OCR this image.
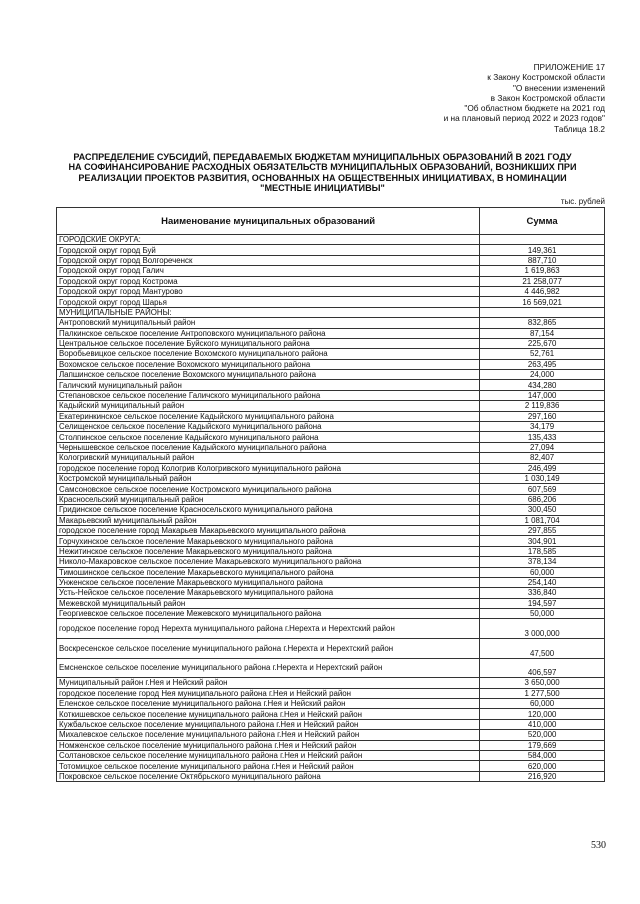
ПРИЛОЖЕНИЕ 17
к Закону Костромской области
"О внесении изменений
в Закон Костромской области
"Об областном бюджете на 2021 год
и на плановый период 2022 и 2023 годов"
Таблица 18.2
РАСПРЕДЕЛЕНИЕ СУБСИДИЙ, ПЕРЕДАВАЕМЫХ БЮДЖЕТАМ МУНИЦИПАЛЬНЫХ ОБРАЗОВАНИЙ В 2021 ГОДУ
НА СОФИНАНСИРОВАНИЕ РАСХОДНЫХ ОБЯЗАТЕЛЬСТВ МУНИЦИПАЛЬНЫХ ОБРАЗОВАНИЙ, ВОЗНИКШИХ ПРИ
РЕАЛИЗАЦИИ ПРОЕКТОВ РАЗВИТИЯ, ОСНОВАННЫХ НА ОБЩЕСТВЕННЫХ ИНИЦИАТИВАХ, В НОМИНАЦИИ
"МЕСТНЫЕ ИНИЦИАТИВЫ"
тыс. рублей
Наименование муниципальных образований	Сумма
ГОРОДСКИЕ ОКРУГА:	
Городской округ город Буй	149,361
Городской округ город Волгореченск	887,710
Городской округ город Галич	1 619,863
Городской округ город Кострома	21 258,077
Городской округ город Мантурово	4 446,982
Городской округ город Шарья	16 569,021
МУНИЦИПАЛЬНЫЕ РАЙОНЫ:	
Антроповский муниципальный район	832,865
Палкинское сельское поселение Антроповского муниципального района	87,154
Центральное сельское поселение Буйского муниципального района	225,670
Воробьевицкое сельское поселение Вохомского муниципального района	52,761
Вохомское сельское поселение Вохомского муниципального района	263,495
Лапшинское сельское поселение Вохомского муниципального района	24,000
Галичский муниципальный район	434,280
Степановское сельское поселение Галичского муниципального района	147,000
Кадыйский муниципальный район	2 119,836
Екатеринкинское сельское поселение Кадыйского муниципального района	297,160
Селищенское сельское поселение Кадыйского муниципального района	34,179
Столпинское сельское поселение Кадыйского муниципального района	135,433
Чернышевское сельское поселение Кадыйского муниципального района	27,094
Кологривский муниципальный район	82,407
городское поселение город Кологрив Кологривского муниципального района	246,499
Костромской муниципальный район	1 030,149
Самсоновское сельское поселение Костромского муниципального района	607,569
Красносельский муниципальный район	686,206
Гридинское сельское поселение Красносельского муниципального района	300,450
Макарьевский муниципальный район	1 081,704
городское поселение город Макарьев Макарьевского муниципального района	297,855
Горчухинское сельское поселение Макарьевского муниципального района	304,901
Нежитинское сельское поселение Макарьевского муниципального района	178,585
Николо-Макаровское сельское поселение Макарьевского муниципального района	378,134
Тимошинское сельское поселение Макарьевского муниципального района	60,000
Унженское сельское поселение Макарьевского муниципального района	254,140
Усть-Нейское сельское поселение Макарьевского муниципального района	336,840
Межевской муниципальный район	194,597
Георгиевское сельское поселение Межевского муниципального района	50,000
городское поселение город Нерехта муниципального района г.Нерехта и Нерехтский район	3 000,000
Воскресенское сельское поселение муниципального района г.Нерехта и Нерехтский район	47,500
Емсненское сельское поселение муниципального района г.Нерехта и Нерехтский район	406,597
Муниципальный район г.Нея и Нейский район	3 650,000
городское поселение город Нея муниципального района г.Нея и Нейский район	1 277,500
Еленское сельское поселение муниципального района г.Нея и Нейский район	60,000
Коткишевское сельское поселение муниципального района г.Нея и Нейский район	120,000
Кужбальское сельское поселение муниципального района г.Нея и Нейский район	410,000
Михалевское сельское поселение муниципального района г.Нея и Нейский район	520,000
Номженское сельское поселение муниципального района г.Нея и Нейский район	179,669
Солтановское сельское поселение муниципального района г.Нея и Нейский район	584,000
Тотомицкое сельское поселение муниципального района г.Нея и Нейский район	620,000
Покровское сельское поселение Октябрьского муниципального района	216,920
530
